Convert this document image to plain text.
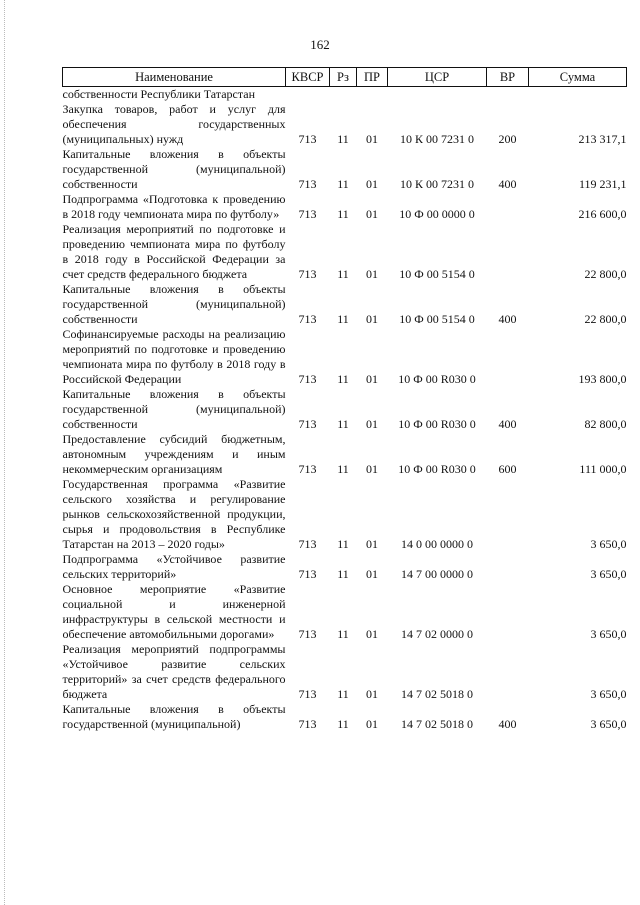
162
Наименование	КВСР	Рз	ПР	ЦСР	ВР	Сумма
собственности Республики Татарстан						
Закупка товаров, работ и услуг для обеспечения государственных (муниципальных) нужд	713	11	01	10 К 00 7231 0	200	213 317,1
Капитальные вложения в объекты государственной (муниципальной) собственности	713	11	01	10 К 00 7231 0	400	119 231,1
Подпрограмма «Подготовка к проведению в 2018 году чемпионата мира по футболу»	713	11	01	10 Ф 00 0000 0		216 600,0
Реализация мероприятий по подготовке и проведению чемпионата мира по футболу в 2018 году в Российской Федерации за счет средств федерального бюджета	713	11	01	10 Ф 00 5154 0		22 800,0
Капитальные вложения в объекты государственной (муниципальной) собственности	713	11	01	10 Ф 00 5154 0	400	22 800,0
Софинансируемые расходы на реализацию мероприятий по подготовке и проведению чемпионата мира по футболу в 2018 году в Российской Федерации	713	11	01	10 Ф 00 R030 0		193 800,0
Капитальные вложения в объекты государственной (муниципальной) собственности	713	11	01	10 Ф 00 R030 0	400	82 800,0
Предоставление субсидий бюджетным, автономным учреждениям и иным некоммерческим организациям	713	11	01	10 Ф 00 R030 0	600	111 000,0
Государственная программа «Развитие сельского хозяйства и регулирование рынков сельскохозяйственной продукции, сырья и продовольствия в Республике Татарстан на 2013 – 2020 годы»	713	11	01	14 0 00 0000 0		3 650,0
Подпрограмма «Устойчивое развитие сельских территорий»	713	11	01	14 7 00 0000 0		3 650,0
Основное мероприятие «Развитие социальной и инженерной инфраструктуры в сельской местности и обеспечение автомобильными дорогами»	713	11	01	14 7 02 0000 0		3 650,0
Реализация мероприятий подпрограммы «Устойчивое развитие сельских территорий» за счет средств федерального бюджета	713	11	01	14 7 02 5018 0		3 650,0
Капитальные вложения в объекты государственной (муниципальной)	713	11	01	14 7 02 5018 0	400	3 650,0
